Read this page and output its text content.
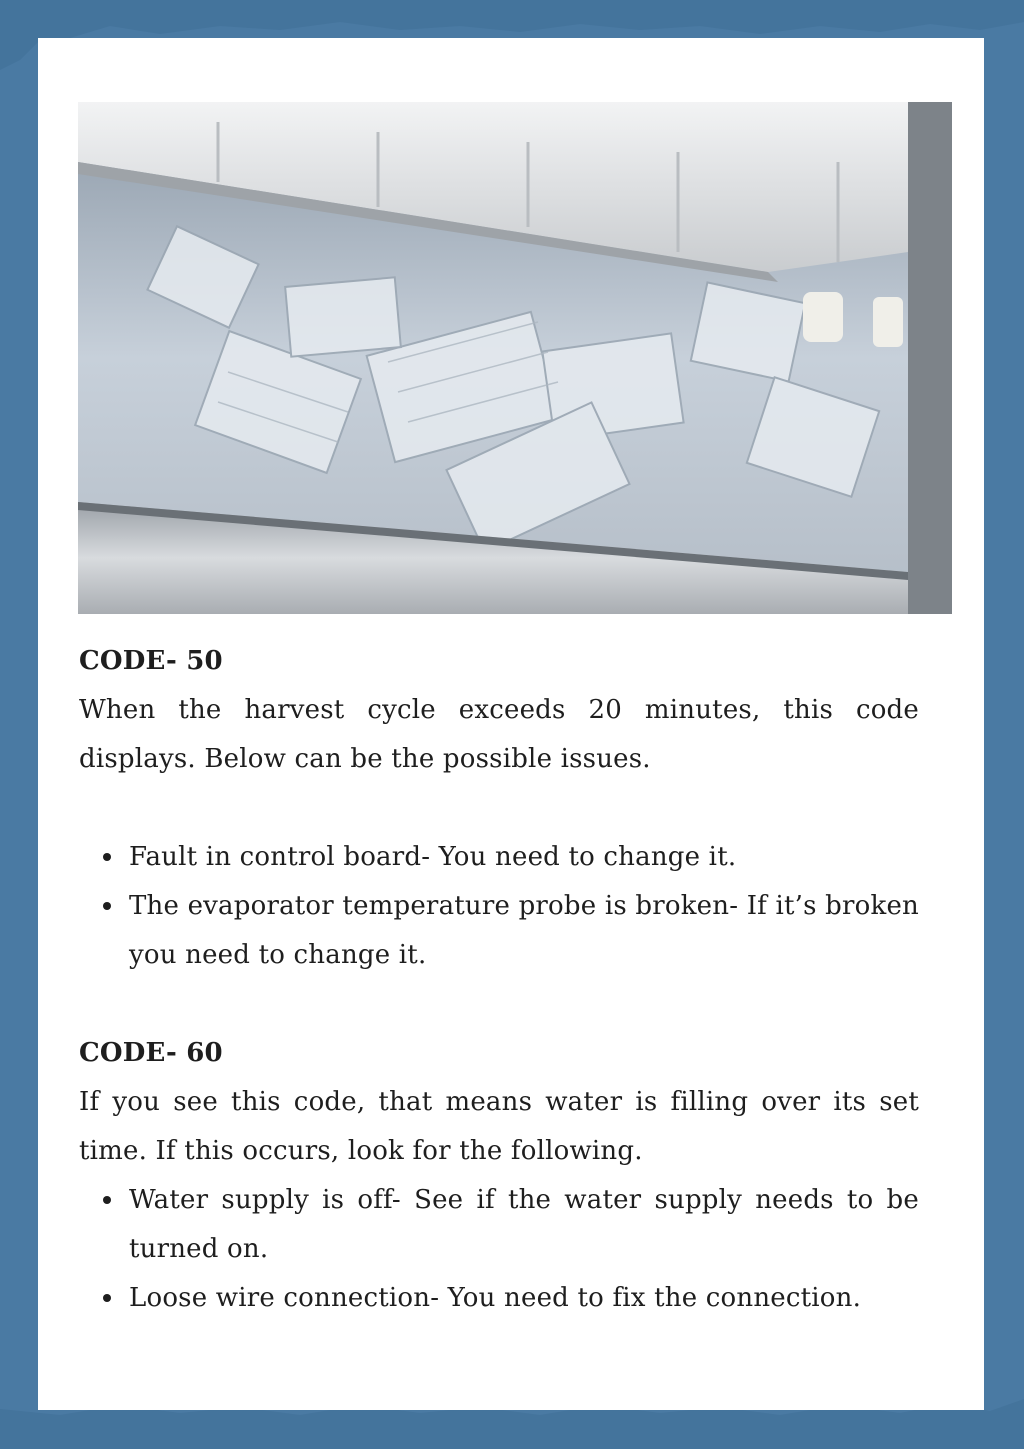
CODE- 50

When the harvest cycle exceeds 20 minutes, this code displays. Below can be the possible issues.

Fault in control board- You need to change it.
The evaporator temperature probe is broken- If it’s broken you need to change it.

CODE- 60

If you see this code, that means water is filling over its set time. If this occurs, look for the following.

Water supply is off- See if the water supply needs to be turned on.
Loose wire connection- You need to fix the connection.
